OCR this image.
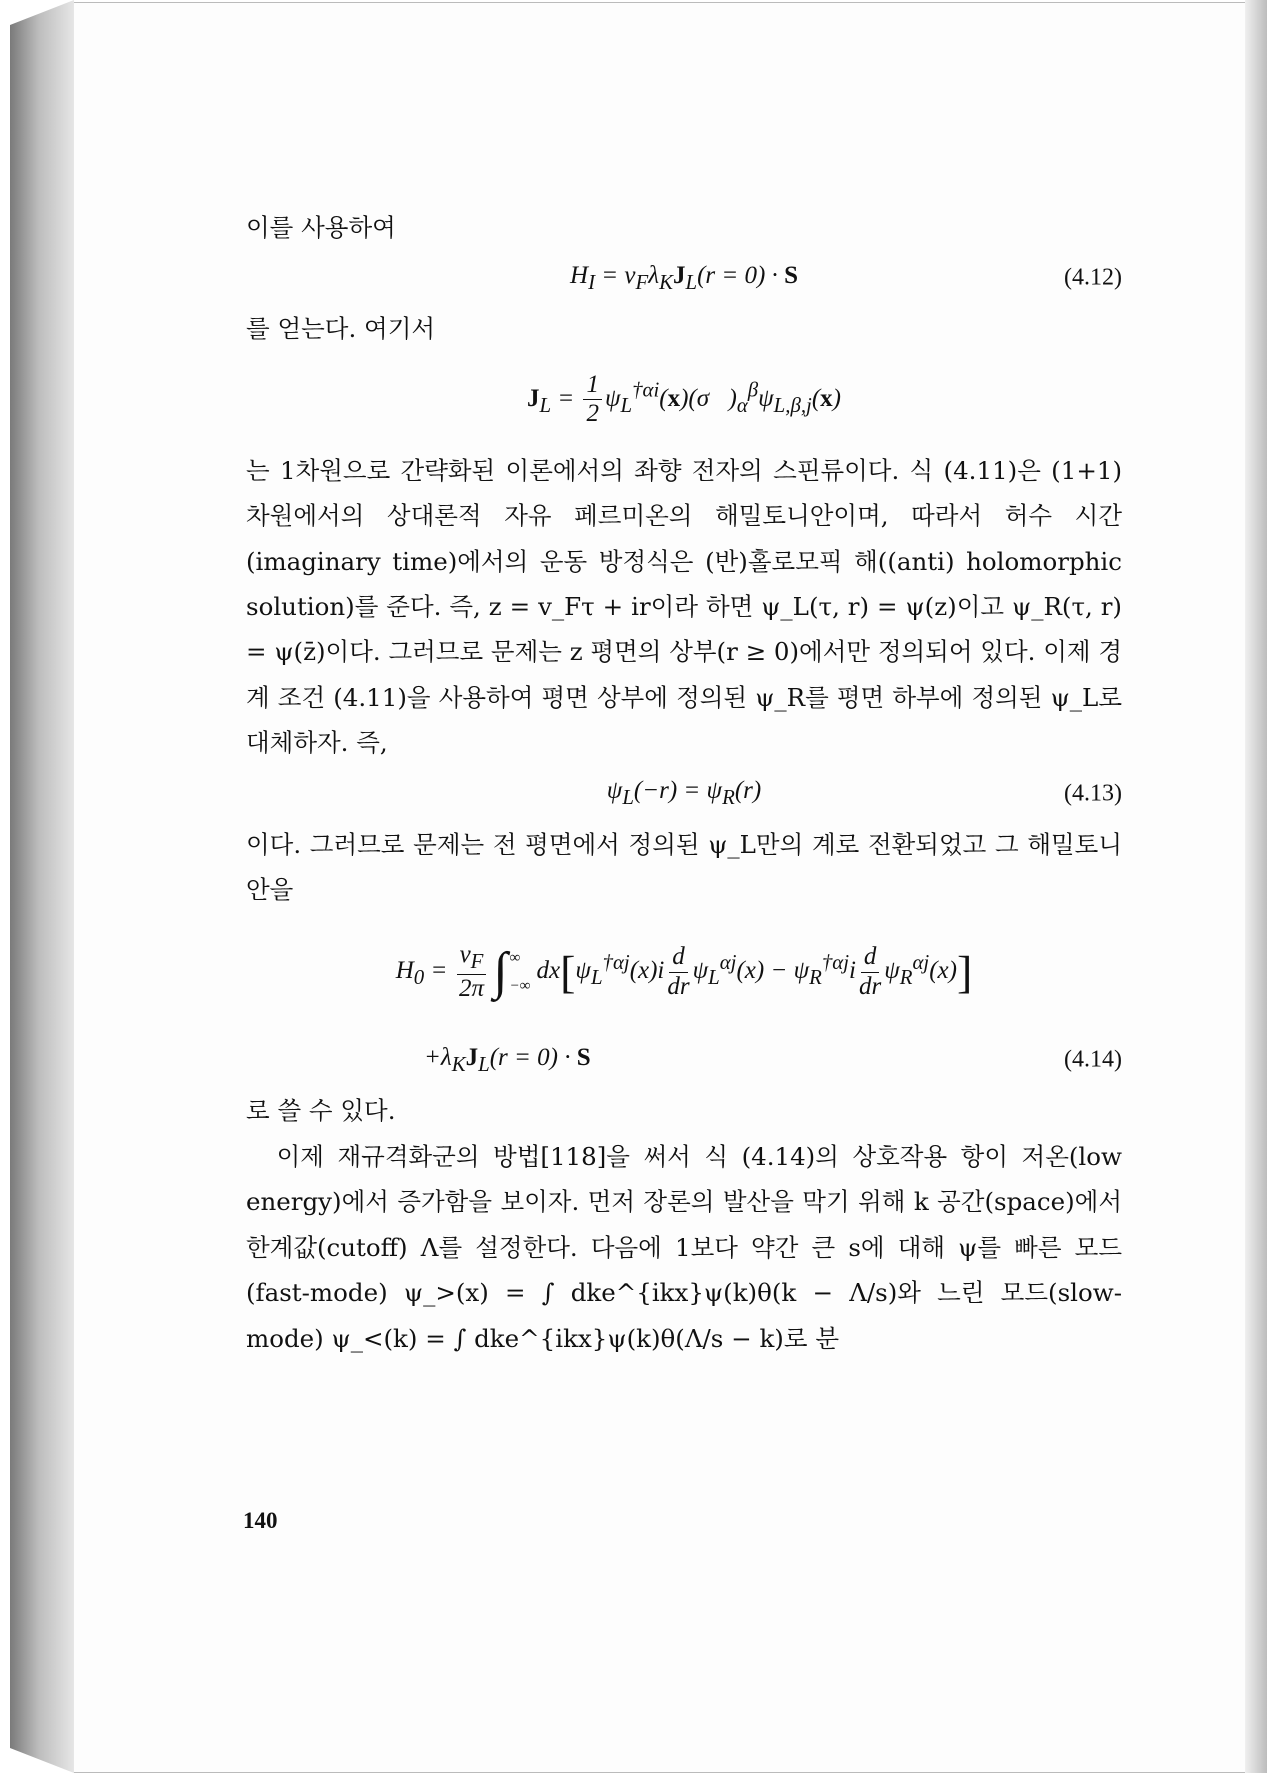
이를 사용하여

$H_I = v_F\lambda_KJ_L(r = 0) \cdot S$	(4.12)

를 얻는다. 여기서

$J_L = \frac{1}{2}$ $\psi_L^{\dagger\alpha i}(x)(\sigma⃗)_\alpha^\beta\psi_{L,\beta,j}(x)$

는 1차원으로 간략화된 이론에서의 좌향 전자의 스핀류이다. 식 (4.11)은 (1+1)차원에서의 상대론적 자유 페르미온의 해밀토니안이며, 따라서 허수 시간(imaginary time)에서의 운동 방정식은 (반)홀로모픽 해((anti) holomorphic solution)를 준다. 즉, z = v_Fτ + ir이라 하면 ψ_L(τ, r) = ψ(z)이고 ψ_R(τ, r) = ψ(z̄)이다. 그러므로 문제는 z 평면의 상부(r ≥ 0)에서만 정의되어 있다. 이제 경계 조건 (4.11)을 사용하여 평면 상부에 정의된 ψ_R를 평면 하부에 정의된 ψ_L로 대체하자. 즉,

$\psi_L(-r) = \psi_R(r)$	(4.13)

이다. 그러므로 문제는 전 평면에서 정의된 ψ_L만의 계로 전환되었고 그 해밀토니안을

$H_0 = \frac{v_F}{2\pi}$ ∫ ∞
−∞
$dx[\psi_L^{\dagger\alpha j}(x)i \frac{d}{dr} \psi_L^{\alpha j}(x) - \psi_R^{\dagger\alpha j}i \frac{d}{dr} \psi_R^{\alpha j}(x)]$
$+\lambda_KJ_L(r = 0) \cdot S$	(4.14)

로 쓸 수 있다.

이제 재규격화군의 방법[118]을 써서 식 (4.14)의 상호작용 항이 저온(low energy)에서 증가함을 보이자. 먼저 장론의 발산을 막기 위해 k 공간(space)에서 한계값(cutoff) Λ를 설정한다. 다음에 1보다 약간 큰 s에 대해 ψ를 빠른 모드(fast-mode) ψ_>(x) = ∫ dke^{ikx}ψ(k)θ(k − Λ/s)와 느린 모드(slow-mode) ψ_<(k) = ∫ dke^{ikx}ψ(k)θ(Λ/s − k)로 분

140
